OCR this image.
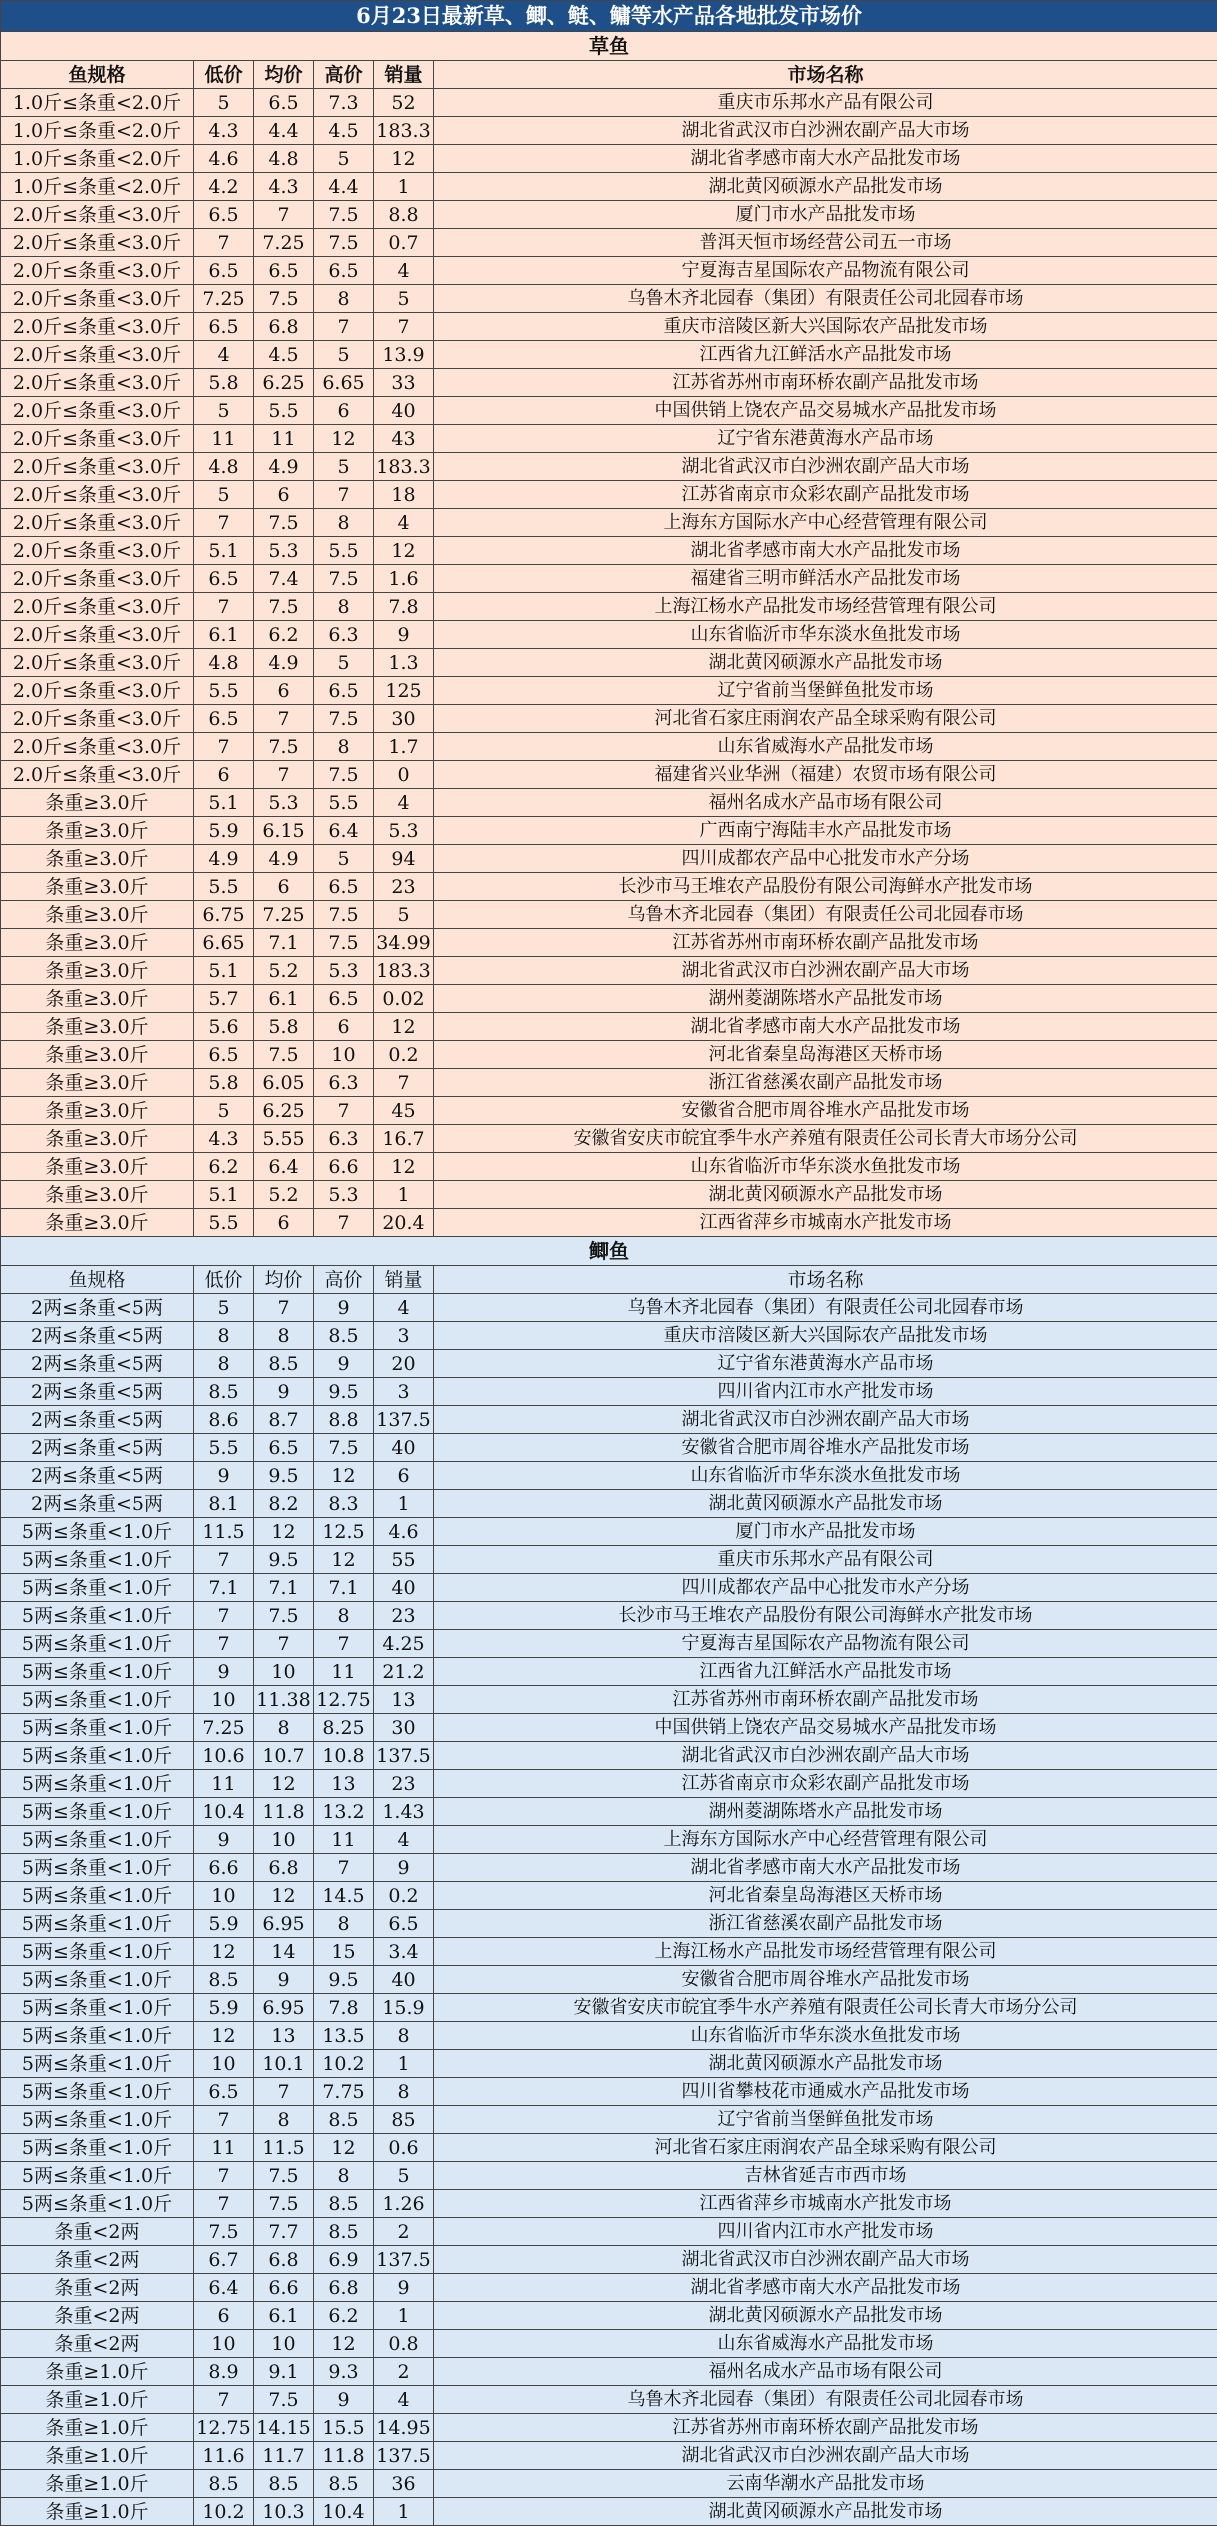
6月23日最新草、鲫、鲢、鳙等水产品各地批发市场价					
草鱼					
鱼规格	低价	均价	高价	销量	市场名称
1.0斤≤条重<2.0斤	5	6.5	7.3	52	重庆市乐邦水产品有限公司
1.0斤≤条重<2.0斤	4.3	4.4	4.5	183.3	湖北省武汉市白沙洲农副产品大市场
1.0斤≤条重<2.0斤	4.6	4.8	5	12	湖北省孝感市南大水产品批发市场
1.0斤≤条重<2.0斤	4.2	4.3	4.4	1	湖北黄冈硕源水产品批发市场
2.0斤≤条重<3.0斤	6.5	7	7.5	8.8	厦门市水产品批发市场
2.0斤≤条重<3.0斤	7	7.25	7.5	0.7	普洱天恒市场经营公司五一市场
2.0斤≤条重<3.0斤	6.5	6.5	6.5	4	宁夏海吉星国际农产品物流有限公司
2.0斤≤条重<3.0斤	7.25	7.5	8	5	乌鲁木齐北园春（集团）有限责任公司北园春市场
2.0斤≤条重<3.0斤	6.5	6.8	7	7	重庆市涪陵区新大兴国际农产品批发市场
2.0斤≤条重<3.0斤	4	4.5	5	13.9	江西省九江鲜活水产品批发市场
2.0斤≤条重<3.0斤	5.8	6.25	6.65	33	江苏省苏州市南环桥农副产品批发市场
2.0斤≤条重<3.0斤	5	5.5	6	40	中国供销上饶农产品交易城水产品批发市场
2.0斤≤条重<3.0斤	11	11	12	43	辽宁省东港黄海水产品市场
2.0斤≤条重<3.0斤	4.8	4.9	5	183.3	湖北省武汉市白沙洲农副产品大市场
2.0斤≤条重<3.0斤	5	6	7	18	江苏省南京市众彩农副产品批发市场
2.0斤≤条重<3.0斤	7	7.5	8	4	上海东方国际水产中心经营管理有限公司
2.0斤≤条重<3.0斤	5.1	5.3	5.5	12	湖北省孝感市南大水产品批发市场
2.0斤≤条重<3.0斤	6.5	7.4	7.5	1.6	福建省三明市鲜活水产品批发市场
2.0斤≤条重<3.0斤	7	7.5	8	7.8	上海江杨水产品批发市场经营管理有限公司
2.0斤≤条重<3.0斤	6.1	6.2	6.3	9	山东省临沂市华东淡水鱼批发市场
2.0斤≤条重<3.0斤	4.8	4.9	5	1.3	湖北黄冈硕源水产品批发市场
2.0斤≤条重<3.0斤	5.5	6	6.5	125	辽宁省前当堡鲜鱼批发市场
2.0斤≤条重<3.0斤	6.5	7	7.5	30	河北省石家庄雨润农产品全球采购有限公司
2.0斤≤条重<3.0斤	7	7.5	8	1.7	山东省威海水产品批发市场
2.0斤≤条重<3.0斤	6	7	7.5	0	福建省兴业华洲（福建）农贸市场有限公司
条重≥3.0斤	5.1	5.3	5.5	4	福州名成水产品市场有限公司
条重≥3.0斤	5.9	6.15	6.4	5.3	广西南宁海陆丰水产品批发市场
条重≥3.0斤	4.9	4.9	5	94	四川成都农产品中心批发市水产分场
条重≥3.0斤	5.5	6	6.5	23	长沙市马王堆农产品股份有限公司海鲜水产批发市场
条重≥3.0斤	6.75	7.25	7.5	5	乌鲁木齐北园春（集团）有限责任公司北园春市场
条重≥3.0斤	6.65	7.1	7.5	34.99	江苏省苏州市南环桥农副产品批发市场
条重≥3.0斤	5.1	5.2	5.3	183.3	湖北省武汉市白沙洲农副产品大市场
条重≥3.0斤	5.7	6.1	6.5	0.02	湖州菱湖陈塔水产品批发市场
条重≥3.0斤	5.6	5.8	6	12	湖北省孝感市南大水产品批发市场
条重≥3.0斤	6.5	7.5	10	0.2	河北省秦皇岛海港区天桥市场
条重≥3.0斤	5.8	6.05	6.3	7	浙江省慈溪农副产品批发市场
条重≥3.0斤	5	6.25	7	45	安徽省合肥市周谷堆水产品批发市场
条重≥3.0斤	4.3	5.55	6.3	16.7	安徽省安庆市皖宜季牛水产养殖有限责任公司长青大市场分公司
条重≥3.0斤	6.2	6.4	6.6	12	山东省临沂市华东淡水鱼批发市场
条重≥3.0斤	5.1	5.2	5.3	1	湖北黄冈硕源水产品批发市场
条重≥3.0斤	5.5	6	7	20.4	江西省萍乡市城南水产批发市场
鲫鱼					
鱼规格	低价	均价	高价	销量	市场名称
2两≤条重<5两	5	7	9	4	乌鲁木齐北园春（集团）有限责任公司北园春市场
2两≤条重<5两	8	8	8.5	3	重庆市涪陵区新大兴国际农产品批发市场
2两≤条重<5两	8	8.5	9	20	辽宁省东港黄海水产品市场
2两≤条重<5两	8.5	9	9.5	3	四川省内江市水产批发市场
2两≤条重<5两	8.6	8.7	8.8	137.5	湖北省武汉市白沙洲农副产品大市场
2两≤条重<5两	5.5	6.5	7.5	40	安徽省合肥市周谷堆水产品批发市场
2两≤条重<5两	9	9.5	12	6	山东省临沂市华东淡水鱼批发市场
2两≤条重<5两	8.1	8.2	8.3	1	湖北黄冈硕源水产品批发市场
5两≤条重<1.0斤	11.5	12	12.5	4.6	厦门市水产品批发市场
5两≤条重<1.0斤	7	9.5	12	55	重庆市乐邦水产品有限公司
5两≤条重<1.0斤	7.1	7.1	7.1	40	四川成都农产品中心批发市水产分场
5两≤条重<1.0斤	7	7.5	8	23	长沙市马王堆农产品股份有限公司海鲜水产批发市场
5两≤条重<1.0斤	7	7	7	4.25	宁夏海吉星国际农产品物流有限公司
5两≤条重<1.0斤	9	10	11	21.2	江西省九江鲜活水产品批发市场
5两≤条重<1.0斤	10	11.38	12.75	13	江苏省苏州市南环桥农副产品批发市场
5两≤条重<1.0斤	7.25	8	8.25	30	中国供销上饶农产品交易城水产品批发市场
5两≤条重<1.0斤	10.6	10.7	10.8	137.5	湖北省武汉市白沙洲农副产品大市场
5两≤条重<1.0斤	11	12	13	23	江苏省南京市众彩农副产品批发市场
5两≤条重<1.0斤	10.4	11.8	13.2	1.43	湖州菱湖陈塔水产品批发市场
5两≤条重<1.0斤	9	10	11	4	上海东方国际水产中心经营管理有限公司
5两≤条重<1.0斤	6.6	6.8	7	9	湖北省孝感市南大水产品批发市场
5两≤条重<1.0斤	10	12	14.5	0.2	河北省秦皇岛海港区天桥市场
5两≤条重<1.0斤	5.9	6.95	8	6.5	浙江省慈溪农副产品批发市场
5两≤条重<1.0斤	12	14	15	3.4	上海江杨水产品批发市场经营管理有限公司
5两≤条重<1.0斤	8.5	9	9.5	40	安徽省合肥市周谷堆水产品批发市场
5两≤条重<1.0斤	5.9	6.95	7.8	15.9	安徽省安庆市皖宜季牛水产养殖有限责任公司长青大市场分公司
5两≤条重<1.0斤	12	13	13.5	8	山东省临沂市华东淡水鱼批发市场
5两≤条重<1.0斤	10	10.1	10.2	1	湖北黄冈硕源水产品批发市场
5两≤条重<1.0斤	6.5	7	7.75	8	四川省攀枝花市通威水产品批发市场
5两≤条重<1.0斤	7	8	8.5	85	辽宁省前当堡鲜鱼批发市场
5两≤条重<1.0斤	11	11.5	12	0.6	河北省石家庄雨润农产品全球采购有限公司
5两≤条重<1.0斤	7	7.5	8	5	吉林省延吉市西市场
5两≤条重<1.0斤	7	7.5	8.5	1.26	江西省萍乡市城南水产批发市场
条重<2两	7.5	7.7	8.5	2	四川省内江市水产批发市场
条重<2两	6.7	6.8	6.9	137.5	湖北省武汉市白沙洲农副产品大市场
条重<2两	6.4	6.6	6.8	9	湖北省孝感市南大水产品批发市场
条重<2两	6	6.1	6.2	1	湖北黄冈硕源水产品批发市场
条重<2两	10	10	12	0.8	山东省威海水产品批发市场
条重≥1.0斤	8.9	9.1	9.3	2	福州名成水产品市场有限公司
条重≥1.0斤	7	7.5	9	4	乌鲁木齐北园春（集团）有限责任公司北园春市场
条重≥1.0斤	12.75	14.15	15.5	14.95	江苏省苏州市南环桥农副产品批发市场
条重≥1.0斤	11.6	11.7	11.8	137.5	湖北省武汉市白沙洲农副产品大市场
条重≥1.0斤	8.5	8.5	8.5	36	云南华潮水产品批发市场
条重≥1.0斤	10.2	10.3	10.4	1	湖北黄冈硕源水产品批发市场
